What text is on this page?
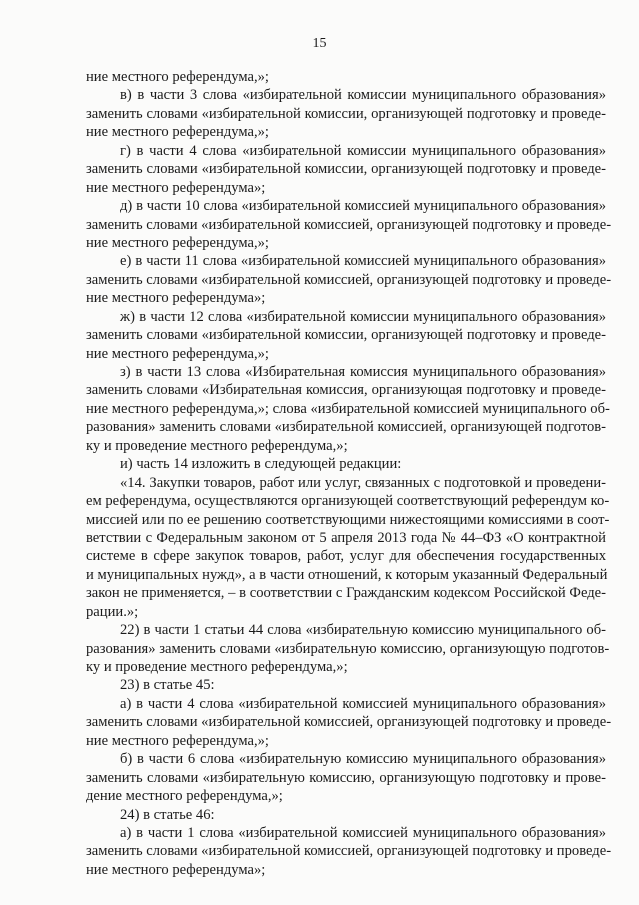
15
ние местного референдума,»;
в) в части 3 слова «избирательной комиссии муниципального образования»
заменить словами «избирательной комиссии, организующей подготовку и проведе-
ние местного референдума,»;
г) в части 4 слова «избирательной комиссии муниципального образования»
заменить словами «избирательной комиссии, организующей подготовку и проведе-
ние местного референдума»;
д) в части 10 слова «избирательной комиссией муниципального образования»
заменить словами «избирательной комиссией, организующей подготовку и проведе-
ние местного референдума,»;
е) в части 11 слова «избирательной комиссией муниципального образования»
заменить словами «избирательной комиссией, организующей подготовку и проведе-
ние местного референдума»;
ж) в части 12 слова «избирательной комиссии муниципального образования»
заменить словами «избирательной комиссии, организующей подготовку и проведе-
ние местного референдума,»;
з) в части 13 слова «Избирательная комиссия муниципального образования»
заменить словами «Избирательная комиссия, организующая подготовку и проведе-
ние местного референдума,»; слова «избирательной комиссией муниципального об-
разования» заменить словами «избирательной комиссией, организующей подготов-
ку и проведение местного референдума,»;
и) часть 14 изложить в следующей редакции:
«14. Закупки товаров, работ или услуг, связанных с подготовкой и проведени-
ем референдума, осуществляются организующей соответствующий референдум ко-
миссией или по ее решению соответствующими нижестоящими комиссиями в соот-
ветствии с Федеральным законом от 5 апреля 2013 года № 44–ФЗ «О контрактной
системе в сфере закупок товаров, работ, услуг для обеспечения государственных
и муниципальных нужд», а в части отношений, к которым указанный Федеральный
закон не применяется, – в соответствии с Гражданским кодексом Российской Феде-
рации.»;
22) в части 1 статьи 44 слова «избирательную комиссию муниципального об-
разования» заменить словами «избирательную комиссию, организующую подготов-
ку и проведение местного референдума,»;
23) в статье 45:
а) в части 4 слова «избирательной комиссией муниципального образования»
заменить словами «избирательной комиссией, организующей подготовку и проведе-
ние местного референдума,»;
б) в части 6 слова «избирательную комиссию муниципального образования»
заменить словами «избирательную комиссию, организующую подготовку и прове-
дение местного референдума,»;
24) в статье 46:
а) в части 1 слова «избирательной комиссией муниципального образования»
заменить словами «избирательной комиссией, организующей подготовку и проведе-
ние местного референдума»;
